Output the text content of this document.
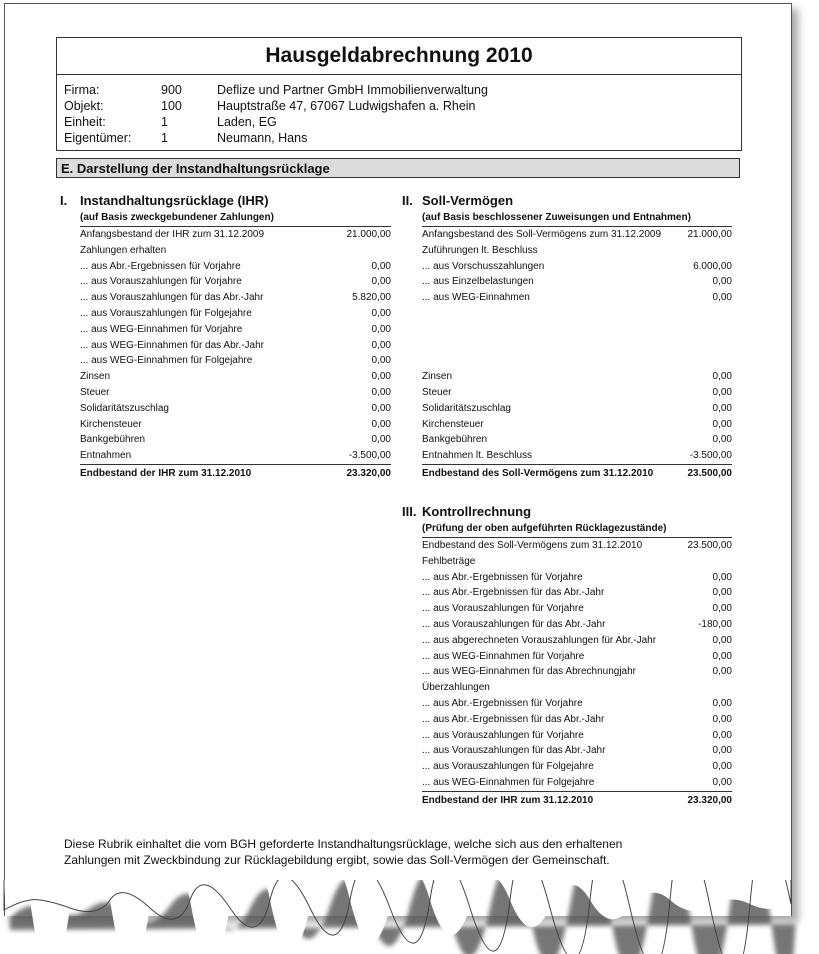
Hausgeldabrechnung 2010
Firma:	900	Deflize und Partner GmbH Immobilienverwaltung
Objekt:	100	Hauptstraße 47, 67067 Ludwigshafen a. Rhein
Einheit:	1	Laden, EG
Eigentümer: 1	Neumann, Hans
E. Darstellung der Instandhaltungsrücklage
I. Instandhaltungsrücklage (IHR)
(auf Basis zweckgebundener Zahlungen)
Anfangsbestand der IHR zum 31.12.2009	21.000,00
Zahlungen erhalten
... aus Abr.-Ergebnissen für Vorjahre	0,00
... aus Vorauszahlungen für Vorjahre	0,00
... aus Vorauszahlungen für das Abr.-Jahr	5.820,00
... aus Vorauszahlungen für Folgejahre	0,00
... aus WEG-Einnahmen für Vorjahre	0,00
... aus WEG-Einnahmen für das Abr.-Jahr	0,00
... aus WEG-Einnahmen für Folgejahre	0,00
Zinsen	0,00
Steuer	0,00
Solidaritätszuschlag	0,00
Kirchensteuer	0,00
Bankgebühren	0,00
Entnahmen	-3.500,00
Endbestand der IHR zum 31.12.2010	23.320,00
II. Soll-Vermögen
(auf Basis beschlossener Zuweisungen und Entnahmen)
Anfangsbestand des Soll-Vermögens zum 31.12.2009	21.000,00
Zuführungen lt. Beschluss
... aus Vorschusszahlungen	6.000,00
... aus Einzelbelastungen	0,00
... aus WEG-Einnahmen	0,00
Zinsen	0,00
Steuer	0,00
Solidaritätszuschlag	0,00
Kirchensteuer	0,00
Bankgebühren	0,00
Entnahmen lt. Beschluss	-3.500,00
Endbestand des Soll-Vermögens zum 31.12.2010	23.500,00
III. Kontrollrechnung
(Prüfung der oben aufgeführten Rücklagezustände)
Endbestand des Soll-Vermögens zum 31.12.2010	23.500,00
Fehlbeträge
... aus Abr.-Ergebnissen für Vorjahre	0,00
... aus Abr.-Ergebnissen für das Abr.-Jahr	0,00
... aus Vorauszahlungen für Vorjahre	0,00
... aus Vorauszahlungen für das Abr.-Jahr	-180,00
... aus abgerechneten Vorauszahlungen für Abr.-Jahr	0,00
... aus WEG-Einnahmen für Vorjahre	0,00
... aus WEG-Einnahmen für das Abrechnungjahr	0,00
Überzahlungen
... aus Abr.-Ergebnissen für Vorjahre	0,00
... aus Abr.-Ergebnissen für das Abr.-Jahr	0,00
... aus Vorauszahlungen für Vorjahre	0,00
... aus Vorauszahlungen für das Abr.-Jahr	0,00
... aus Vorauszahlungen für Folgejahre	0,00
... aus WEG-Einnahmen für Folgejahre	0,00
Endbestand der IHR zum 31.12.2010	23.320,00
Diese Rubrik einhaltet die vom BGH geforderte Instandhaltungsrücklage, welche sich aus den erhaltenen
Zahlungen mit Zweckbindung zur Rücklagebildung ergibt, sowie das Soll-Vermögen der Gemeinschaft.
